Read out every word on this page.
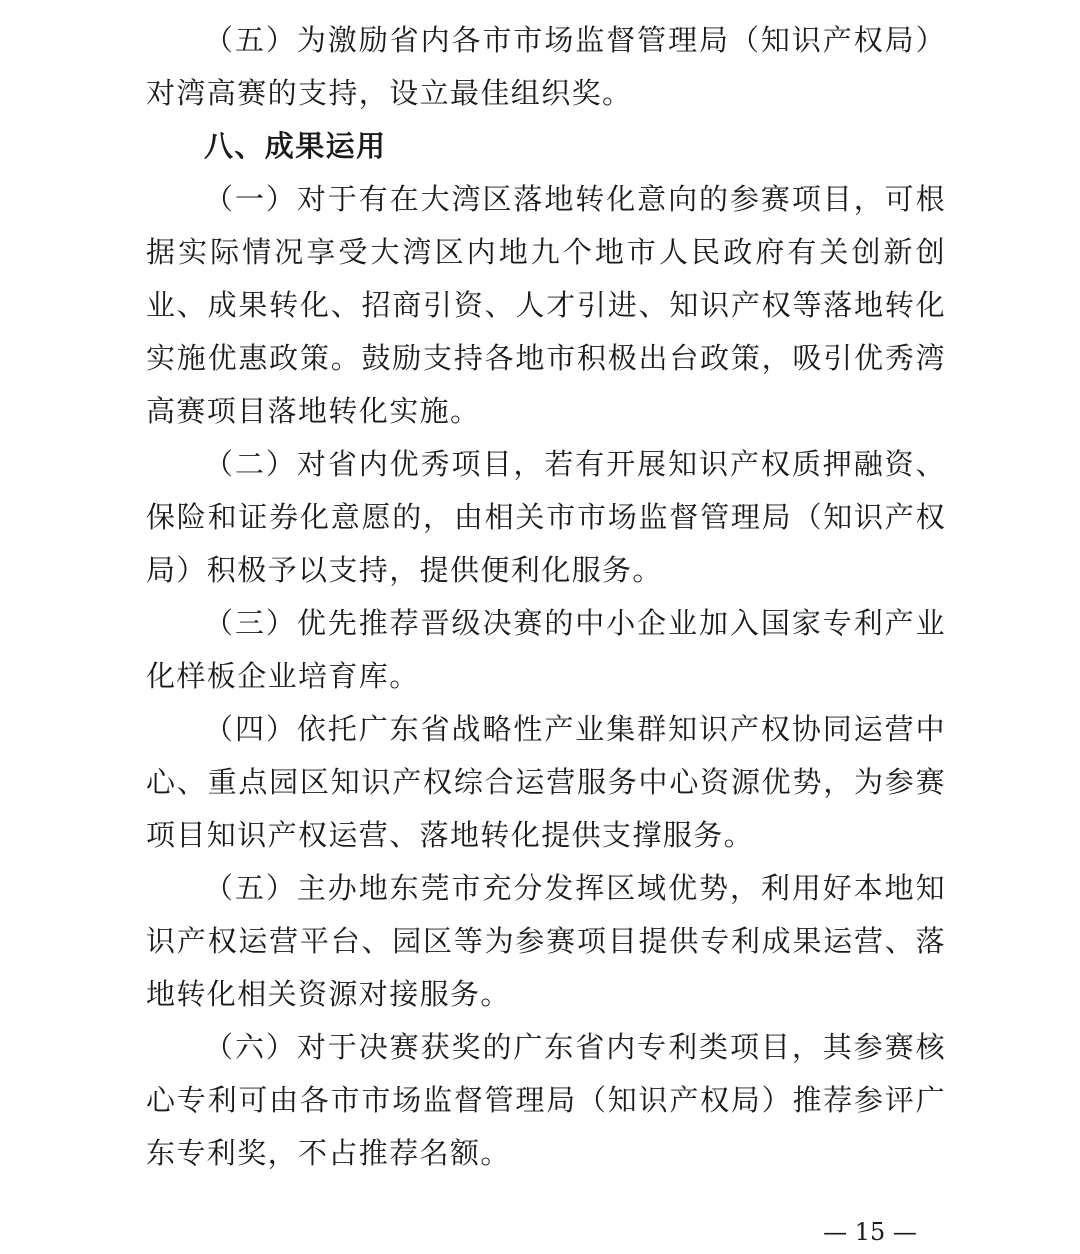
（五）为激励省内各市市场监督管理局（知识产权局）对湾高赛的支持，设立最佳组织奖。

八、成果运用

（一）对于有在大湾区落地转化意向的参赛项目，可根据实际情况享受大湾区内地九个地市人民政府有关创新创业、成果转化、招商引资、人才引进、知识产权等落地转化实施优惠政策。鼓励支持各地市积极出台政策，吸引优秀湾高赛项目落地转化实施。

（二）对省内优秀项目，若有开展知识产权质押融资、保险和证券化意愿的，由相关市市场监督管理局（知识产权局）积极予以支持，提供便利化服务。

（三）优先推荐晋级决赛的中小企业加入国家专利产业化样板企业培育库。

（四）依托广东省战略性产业集群知识产权协同运营中心、重点园区知识产权综合运营服务中心资源优势，为参赛项目知识产权运营、落地转化提供支撑服务。

（五）主办地东莞市充分发挥区域优势，利用好本地知识产权运营平台、园区等为参赛项目提供专利成果运营、落地转化相关资源对接服务。

（六）对于决赛获奖的广东省内专利类项目，其参赛核心专利可由各市市场监督管理局（知识产权局）推荐参评广东专利奖，不占推荐名额。

— 15 —
